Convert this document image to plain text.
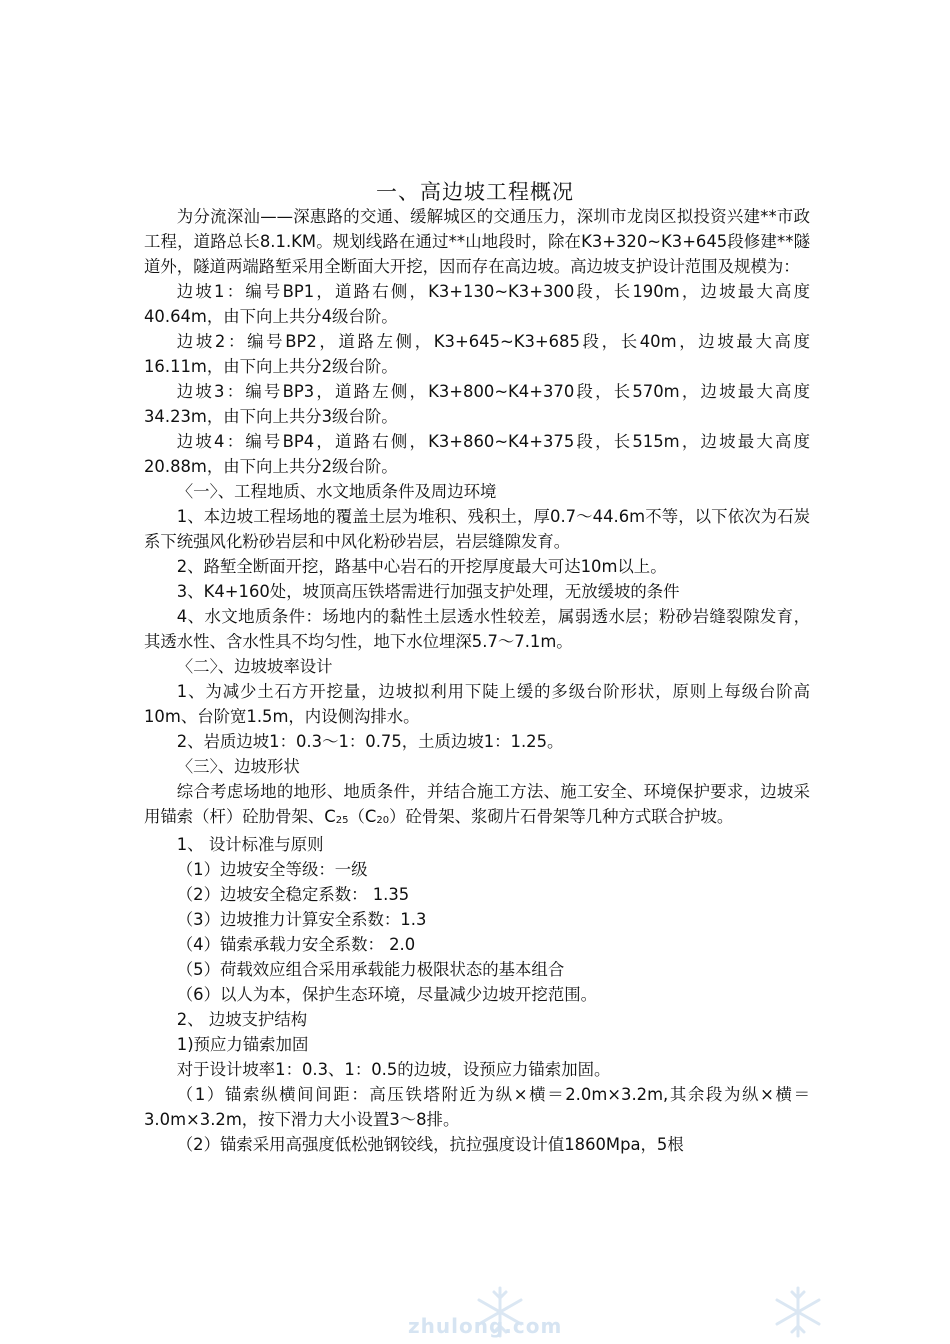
一、高边坡工程概况

为分流深汕——深惠路的交通、缓解城区的交通压力，深圳市龙岗区拟投资兴建**市政工程，道路总长8.1.KM。规划线路在通过**山地段时，除在K3+320~K3+645段修建**隧道外，隧道两端路堑采用全断面大开挖，因而存在高边坡。高边坡支护设计范围及规模为：

边坡1：编号BP1，道路右侧，K3+130~K3+300段，长190m，边坡最大高度40.64m，由下向上共分4级台阶。

边坡2：编号BP2，道路左侧，K3+645~K3+685段，长40m，边坡最大高度16.11m，由下向上共分2级台阶。

边坡3：编号BP3，道路左侧，K3+800~K4+370段，长570m，边坡最大高度34.23m，由下向上共分3级台阶。

边坡4：编号BP4，道路右侧，K3+860~K4+375段，长515m，边坡最大高度20.88m，由下向上共分2级台阶。

〈一〉、工程地质、水文地质条件及周边环境

1、本边坡工程场地的覆盖土层为堆积、残积土，厚0.7～44.6m不等，以下依次为石炭系下统强风化粉砂岩层和中风化粉砂岩层，岩层缝隙发育。

2、路堑全断面开挖，路基中心岩石的开挖厚度最大可达10m以上。

3、K4+160处，坡顶高压铁塔需进行加强支护处理，无放缓坡的条件

4、水文地质条件：场地内的黏性土层透水性较差，属弱透水层；粉砂岩缝裂隙发育，其透水性、含水性具不均匀性，地下水位埋深5.7～7.1m。

〈二〉、边坡坡率设计

1、为减少土石方开挖量，边坡拟利用下陡上缓的多级台阶形状，原则上每级台阶高10m、台阶宽1.5m，内设侧沟排水。

2、岩质边坡1：0.3～1：0.75，土质边坡1：1.25。

〈三〉、边坡形状

综合考虑场地的地形、地质条件，并结合施工方法、施工安全、环境保护要求，边坡采用锚索（杆）砼肋骨架、C25（C20）砼骨架、浆砌片石骨架等几种方式联合护坡。

1、 设计标准与原则

（1）边坡安全等级：一级

（2）边坡安全稳定系数： 1.35

（3）边坡推力计算安全系数：1.3

（4）锚索承载力安全系数： 2.0

（5）荷载效应组合采用承载能力极限状态的基本组合

（6）以人为本，保护生态环境，尽量减少边坡开挖范围。

2、 边坡支护结构

1)预应力锚索加固

对于设计坡率1：0.3、1：0.5的边坡，设预应力锚索加固。

（1）锚索纵横间间距：高压铁塔附近为纵×横＝2.0m×3.2m,其余段为纵×横＝3.0m×3.2m，按下滑力大小设置3～8排。

（2）锚索采用高强度低松弛钢铰线，抗拉强度设计值1860Mpa，5根

zhulong.com
